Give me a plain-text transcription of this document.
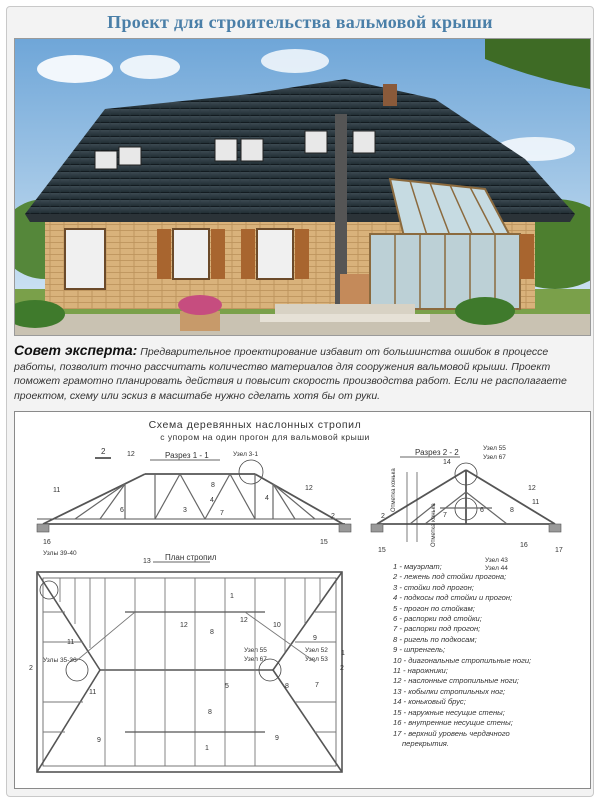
Проект для строительства вальмовой крыши
Совет эксперта: Предварительное проектирование избавит от большинства ошибок в процессе работы, позволит точно рассчитать количество материалов для сооружения вальмовой крыши. Проект поможет грамотно планировать действия и повысит скорость производства работ. Если не располагаете проектом, схему или эскиз в масштабе нужно сделать хотя бы от руки.
Схема деревянных наслонных стропил
с упором на один прогон для вальмовой крыши
Разрез 1 - 1
2	Узел 3-1
12
11
6	3
4
8
7
12
16	15
2
4
Разрез 2 - 2	Узел 55
Узел 67
Отметка конька
Отметка конька
Узел 43
Узел 44
14
12
11
6	8
7
15	17
16
2
План стропил
Узлы 39-40
Узлы 35-36
Узел 55
Узел 67
Узел 52
Узел 53
13
1
12
8
12
10
9
11
11
5	8	7
8
1
1
2	2
9	9
1 - мауэрлат;
2 - лежень под стойки прогона;
3 - стойки под прогон;
4 - подкосы под стойки и прогон;
5 - прогон по стойкам;
6 - распорки под стойки;
7 - распорки под прогон;
8 - ригель по подкосам;
9 - шпренгель;
10 - диагональные стропильные ноги;
11 - нарожники;
12 - наслонные стропильные ноги;
13 - кобылки стропильных ног;
14 - коньковый брус;
15 - наружные несущие стены;
16 - внутренние несущие стены;
17 - верхний уровень чердачного
перекрытия.
